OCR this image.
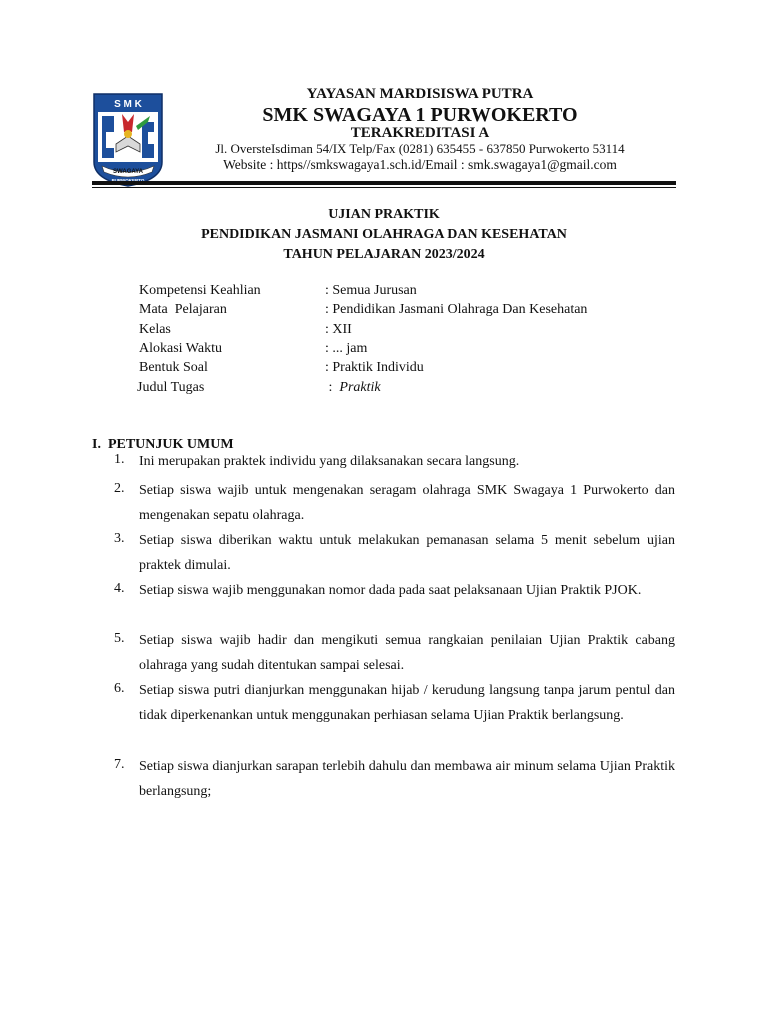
S M K
SWAGAYA
YAYASAN MARDISISWA PUTRA
SMK SWAGAYA 1 PURWOKERTO
TERAKREDITASI A
Jl. OversteIsdiman 54/IX Telp/Fax (0281) 635455 - 637850 Purwokerto 53114
Website : https//smkswagaya1.sch.id/Email : smk.swagaya1@gmail.com
UJIAN PRAKTIK
PENDIDIKAN JASMANI OLAHRAGA DAN KESEHATAN
TAHUN PELAJARAN 2023/2024
Kompetensi Keahlian	: Semua Jurusan
Mata  Pelajaran	: Pendidikan Jasmani Olahraga Dan Kesehatan
Kelas	: XII
Alokasi Waktu	: ... jam
Bentuk Soal	: Praktik Individu
Judul Tugas	:  Praktik
I.  PETUNJUK UMUM
1.	Ini merupakan praktek individu yang dilaksanakan secara langsung.
2.	Setiap siswa wajib untuk mengenakan seragam olahraga SMK Swagaya 1 Purwokerto dan mengenakan sepatu olahraga.
3.	Setiap siswa diberikan waktu untuk melakukan pemanasan selama 5 menit sebelum ujian praktek dimulai.
4.	Setiap siswa wajib menggunakan nomor dada pada saat pelaksanaan Ujian Praktik PJOK.
5.	Setiap siswa wajib hadir dan mengikuti semua rangkaian penilaian Ujian Praktik cabang olahraga yang sudah ditentukan sampai selesai.
6.	Setiap siswa putri dianjurkan menggunakan hijab / kerudung langsung tanpa jarum pentul dan tidak diperkenankan untuk menggunakan perhiasan selama Ujian Praktik berlangsung.
7.	Setiap siswa dianjurkan sarapan terlebih dahulu dan membawa air minum selama Ujian Praktik berlangsung;
